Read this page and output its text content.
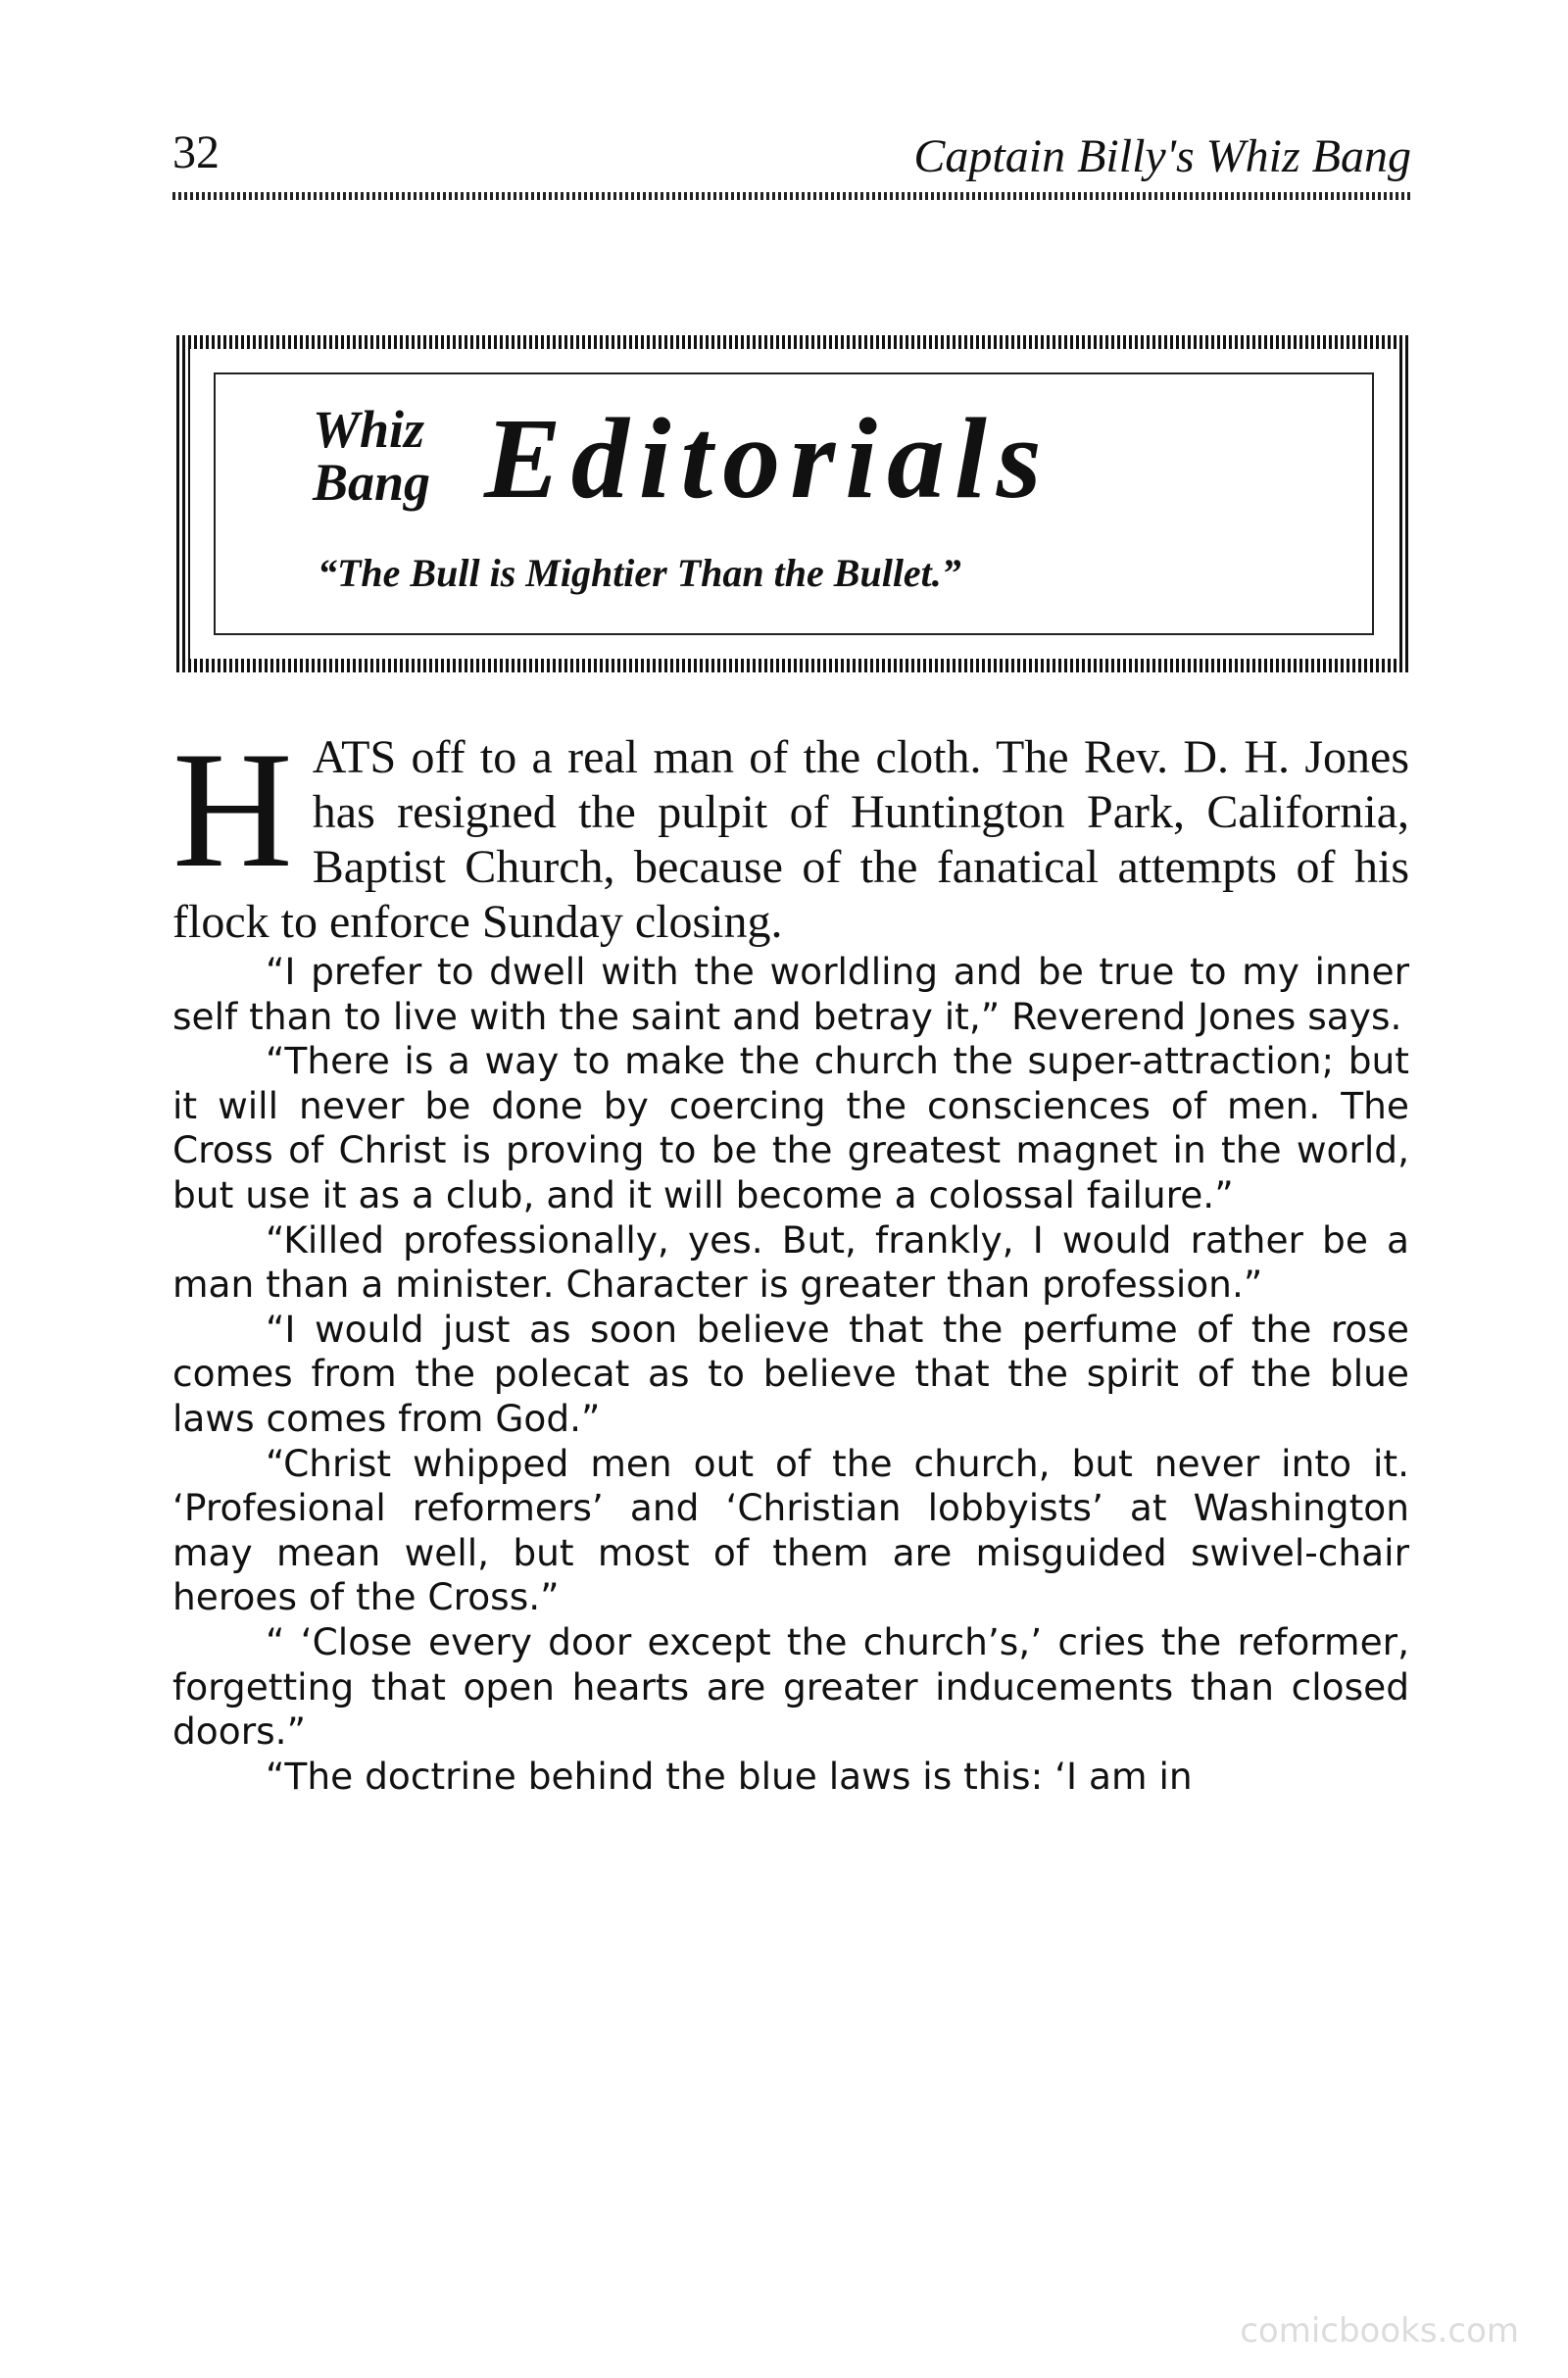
32	Captain Billy's Whiz Bang
Whiz
Bang Editorials
“The Bull is Mightier Than the Bullet.”

HATS off to a real man of the cloth. The Rev. D. H. Jones has resigned the pulpit of Huntington Park, California, Baptist Church, because of the fanatical attempts of his flock to enforce Sunday closing.

“I prefer to dwell with the worldling and be true to my inner self than to live with the saint and betray it,” Reverend Jones says.

“There is a way to make the church the super-attraction; but it will never be done by coercing the consciences of men. The Cross of Christ is proving to be the greatest magnet in the world, but use it as a club, and it will become a colossal failure.”

“Killed professionally, yes. But, frankly, I would rather be a man than a minister. Character is greater than profession.”

“I would just as soon believe that the perfume of the rose comes from the polecat as to believe that the spirit of the blue laws comes from God.”

“Christ whipped men out of the church, but never into it. ‘Profesional reformers’ and ‘Christian lobbyists’ at Washington may mean well, but most of them are misguided swivel-chair heroes of the Cross.”

“ ‘Close every door except the church’s,’ cries the reformer, forgetting that open hearts are greater inducements than closed doors.”

“The doctrine behind the blue laws is this: ‘I am in

comicbooks.com
